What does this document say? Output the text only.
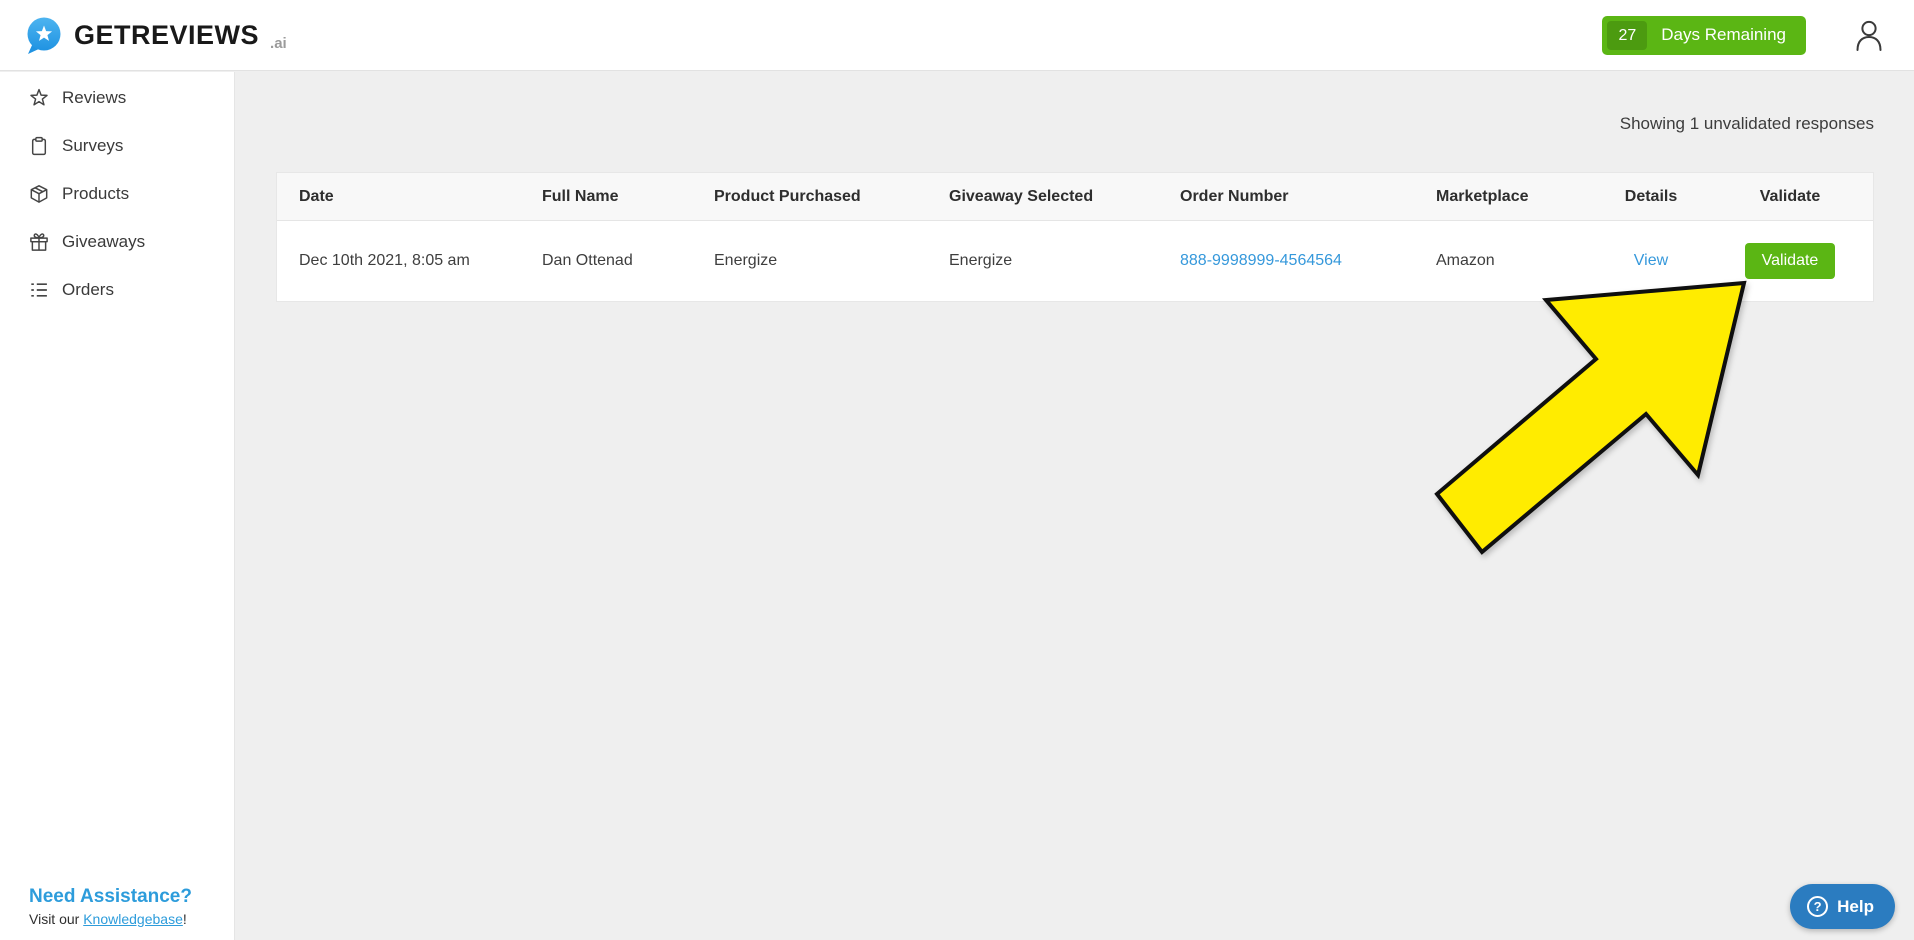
GETREVIEWS .ai	27	Days Remaining
Reviews
Surveys
Products
Giveaways
Orders
Need Assistance?
Visit our Knowledgebase!
Showing 1 unvalidated responses
Date	Full Name	Product Purchased	Giveaway Selected	Order Number	Marketplace	Details	Validate
Dec 10th 2021, 8:05 am	Dan Ottenad	Energize	Energize	888-9998999-4564564	Amazon	View	Validate
? Help
